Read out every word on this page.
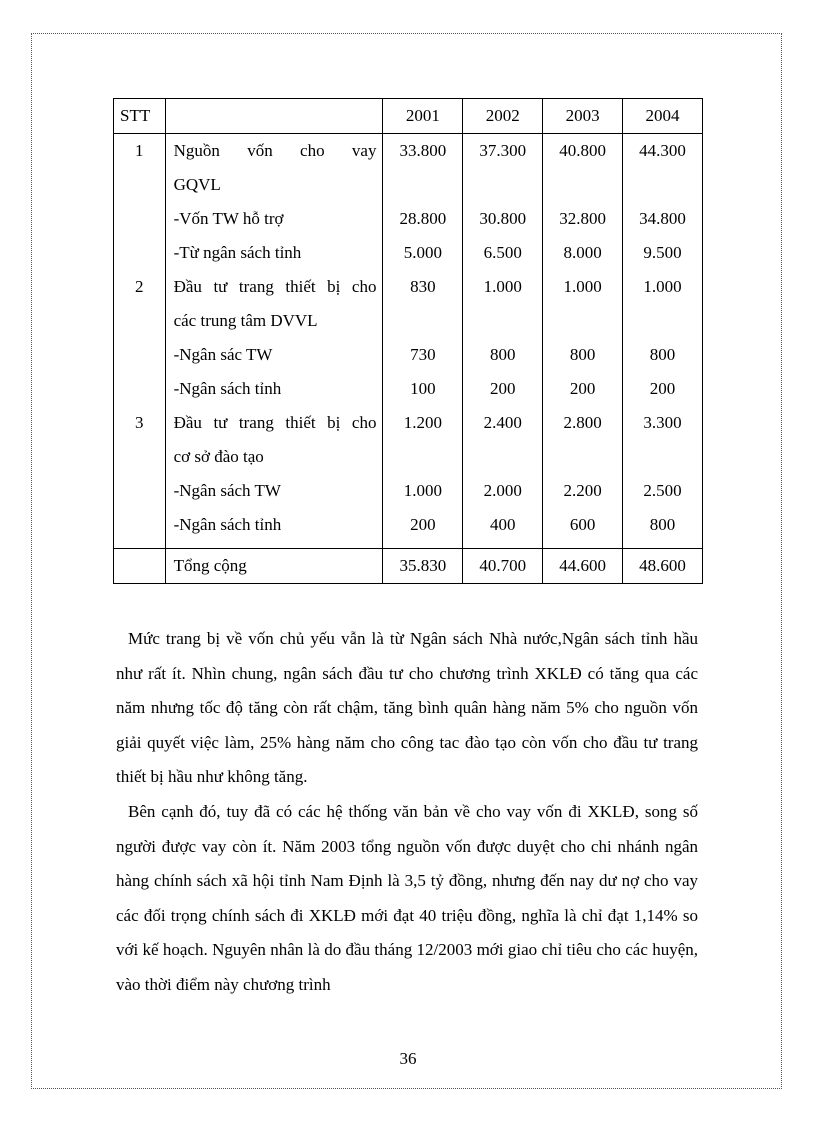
STT		2001	2002	2003	2004
1	Nguồn vốn cho vay	33.800	37.300	40.800	44.300
	GQVL				
	-Vốn TW hỗ trợ	28.800	30.800	32.800	34.800
	-Từ ngân sách tỉnh	5.000	6.500	8.000	9.500
2	Đầu tư trang thiết bị cho	830	1.000	1.000	1.000
	các trung tâm DVVL				
	-Ngân sác TW	730	800	800	800
	-Ngân sách tỉnh	100	200	200	200
3	Đầu tư trang thiết bị cho	1.200	2.400	2.800	3.300
	cơ sở đào tạo				
	-Ngân sách TW	1.000	2.000	2.200	2.500
	-Ngân sách tỉnh	200	400	600	800
	Tổng cộng	35.830	40.700	44.600	48.600

Mức trang bị về vốn chủ yếu vẫn là từ Ngân sách Nhà nước,Ngân sách tỉnh hầu như rất ít. Nhìn chung, ngân sách đầu tư cho chương trình XKLĐ có tăng qua các năm nhưng tốc độ tăng còn rất chậm, tăng bình quân hàng năm 5% cho nguồn vốn giải quyết việc làm, 25% hàng năm cho công tac đào tạo còn vốn cho đầu tư trang thiết bị hầu như không tăng.

Bên cạnh đó, tuy đã có các hệ thống văn bản về cho vay vốn đi XKLĐ, song số người được vay còn ít. Năm 2003 tổng nguồn vốn được duyệt cho chi nhánh ngân hàng chính sách xã hội tỉnh Nam Định là 3,5 tỷ đồng, nhưng đến nay dư nợ cho vay các đối trọng chính sách đi XKLĐ mới đạt 40 triệu đồng, nghĩa là chỉ đạt 1,14% so với kế hoạch. Nguyên nhân là do đầu tháng 12/2003 mới giao chỉ tiêu cho các huyện, vào thời điểm này chương trình

36
